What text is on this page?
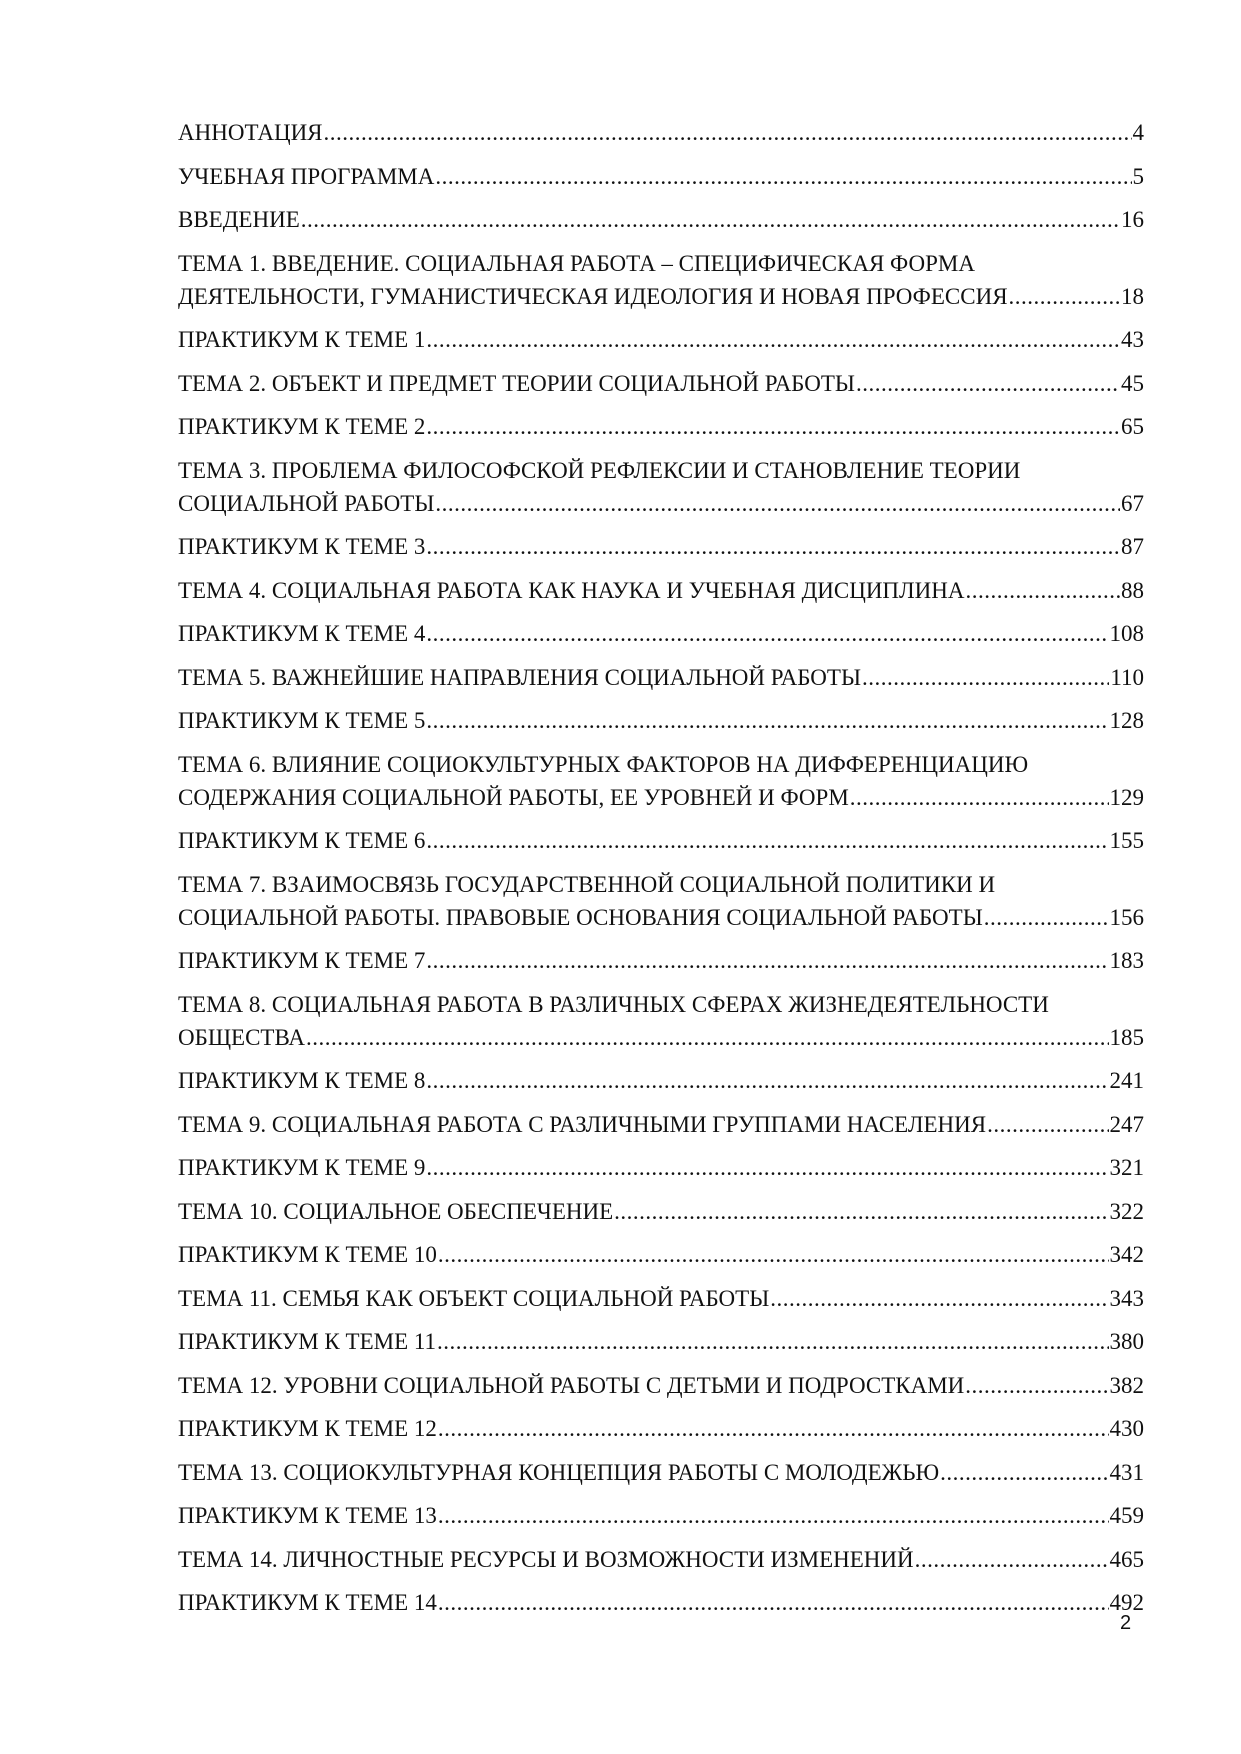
АННОТАЦИЯ .....	4
УЧЕБНАЯ ПРОГРАММА .....	5
ВВЕДЕНИЕ .....	16
ТЕМА 1. ВВЕДЕНИЕ. СОЦИАЛЬНАЯ РАБОТА – СПЕЦИФИЧЕСКАЯ ФОРМА
ДЕЯТЕЛЬНОСТИ, ГУМАНИСТИЧЕСКАЯ ИДЕОЛОГИЯ И НОВАЯ ПРОФЕССИЯ .....	18
ПРАКТИКУМ К ТЕМЕ 1 .....	43
ТЕМА 2. ОБЪЕКТ И ПРЕДМЕТ ТЕОРИИ СОЦИАЛЬНОЙ РАБОТЫ .....	45
ПРАКТИКУМ К ТЕМЕ 2 .....	65
ТЕМА 3. ПРОБЛЕМА ФИЛОСОФСКОЙ РЕФЛЕКСИИ И СТАНОВЛЕНИЕ ТЕОРИИ
СОЦИАЛЬНОЙ РАБОТЫ .....	67
ПРАКТИКУМ К ТЕМЕ 3 .....	87
ТЕМА 4. СОЦИАЛЬНАЯ РАБОТА КАК НАУКА И УЧЕБНАЯ ДИСЦИПЛИНА .....	88
ПРАКТИКУМ К ТЕМЕ 4 .....	108
ТЕМА 5. ВАЖНЕЙШИЕ НАПРАВЛЕНИЯ СОЦИАЛЬНОЙ РАБОТЫ .....	110
ПРАКТИКУМ К ТЕМЕ 5 .....	128
ТЕМА 6. ВЛИЯНИЕ СОЦИОКУЛЬТУРНЫХ ФАКТОРОВ НА ДИФФЕРЕНЦИАЦИЮ
СОДЕРЖАНИЯ СОЦИАЛЬНОЙ РАБОТЫ, ЕЕ УРОВНЕЙ И ФОРМ .....	129
ПРАКТИКУМ К ТЕМЕ 6 .....	155
ТЕМА 7. ВЗАИМОСВЯЗЬ ГОСУДАРСТВЕННОЙ СОЦИАЛЬНОЙ ПОЛИТИКИ И
СОЦИАЛЬНОЙ РАБОТЫ. ПРАВОВЫЕ ОСНОВАНИЯ СОЦИАЛЬНОЙ РАБОТЫ .....	156
ПРАКТИКУМ К ТЕМЕ 7 .....	183
ТЕМА 8. СОЦИАЛЬНАЯ РАБОТА В РАЗЛИЧНЫХ СФЕРАХ ЖИЗНЕДЕЯТЕЛЬНОСТИ
ОБЩЕСТВА .....	185
ПРАКТИКУМ К ТЕМЕ 8 .....	241
ТЕМА 9. СОЦИАЛЬНАЯ РАБОТА С РАЗЛИЧНЫМИ ГРУППАМИ НАСЕЛЕНИЯ .....	247
ПРАКТИКУМ К ТЕМЕ 9 .....	321
ТЕМА 10. СОЦИАЛЬНОЕ ОБЕСПЕЧЕНИЕ .....	322
ПРАКТИКУМ К ТЕМЕ 10 .....	342
ТЕМА 11. СЕМЬЯ КАК ОБЪЕКТ СОЦИАЛЬНОЙ РАБОТЫ .....	343
ПРАКТИКУМ К ТЕМЕ 11 .....	380
ТЕМА 12. УРОВНИ СОЦИАЛЬНОЙ РАБОТЫ С ДЕТЬМИ И ПОДРОСТКАМИ .....	382
ПРАКТИКУМ К ТЕМЕ 12 .....	430
ТЕМА 13. СОЦИОКУЛЬТУРНАЯ КОНЦЕПЦИЯ РАБОТЫ С МОЛОДЕЖЬЮ .....	431
ПРАКТИКУМ К ТЕМЕ 13 .....	459
ТЕМА 14. ЛИЧНОСТНЫЕ РЕСУРСЫ И ВОЗМОЖНОСТИ ИЗМЕНЕНИЙ .....	465
ПРАКТИКУМ К ТЕМЕ 14 .....	492
2
